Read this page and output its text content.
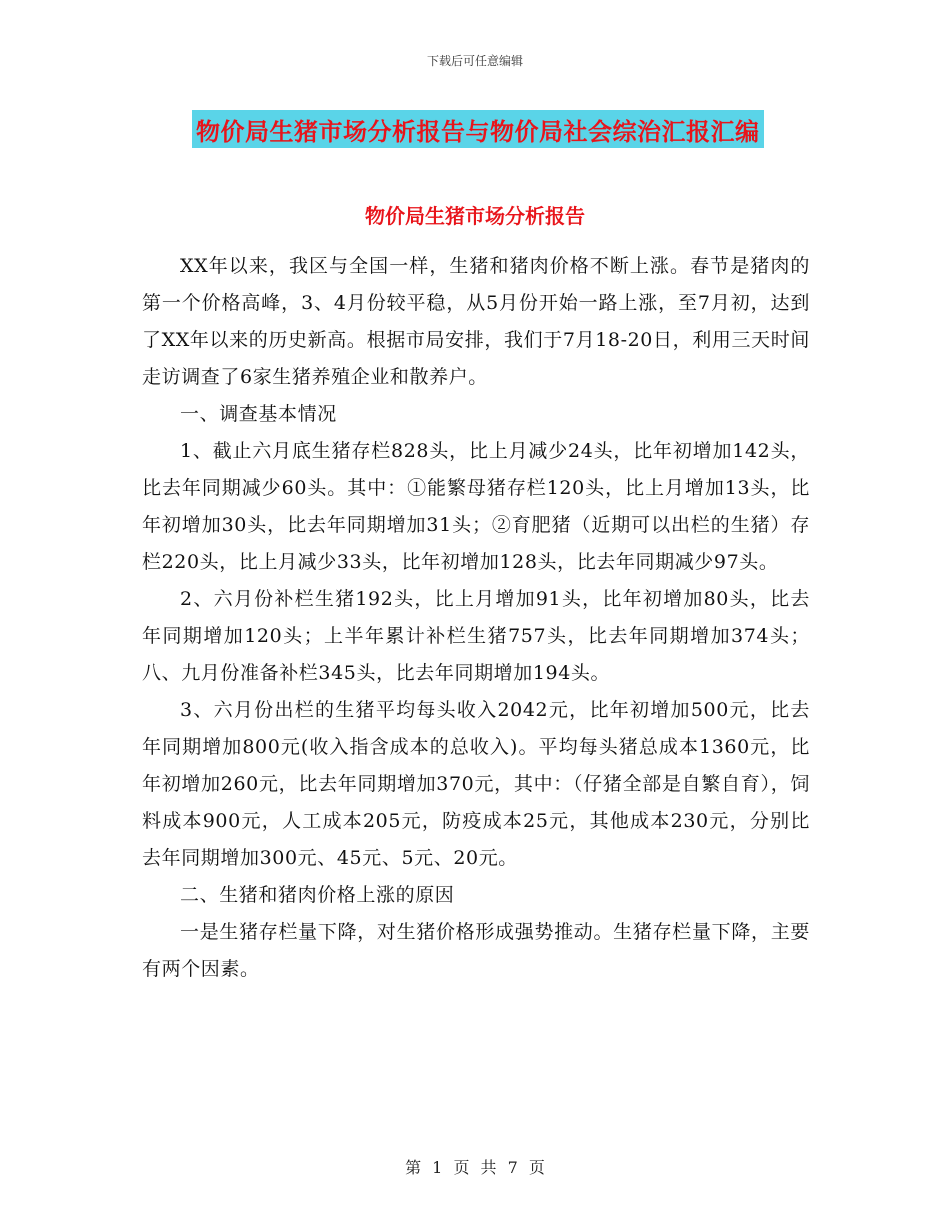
下载后可任意编辑
物价局生猪市场分析报告与物价局社会综治汇报汇编
物价局生猪市场分析报告

XX年以来，我区与全国一样，生猪和猪肉价格不断上涨。春节是猪肉的第一个价格高峰，3、4月份较平稳，从5月份开始一路上涨，至7月初，达到了XX年以来的历史新高。根据市局安排，我们于7月18-20日，利用三天时间走访调查了6家生猪养殖企业和散养户。

一、调查基本情况

1、截止六月底生猪存栏828头，比上月减少24头，比年初增加142头，比去年同期减少60头。其中：①能繁母猪存栏120头，比上月增加13头，比年初增加30头，比去年同期增加31头；②育肥猪（近期可以出栏的生猪）存栏220头，比上月减少33头，比年初增加128头，比去年同期减少97头。

2、六月份补栏生猪192头，比上月增加91头，比年初增加80头，比去年同期增加120头；上半年累计补栏生猪757头，比去年同期增加374头；八、九月份准备补栏345头，比去年同期增加194头。

3、六月份出栏的生猪平均每头收入2042元，比年初增加500元，比去年同期增加800元(收入指含成本的总收入)。平均每头猪总成本1360元，比年初增加260元，比去年同期增加370元，其中：（仔猪全部是自繁自育），饲料成本900元，人工成本205元，防疫成本25元，其他成本230元，分别比去年同期增加300元、45元、5元、20元。

二、生猪和猪肉价格上涨的原因

一是生猪存栏量下降，对生猪价格形成强势推动。生猪存栏量下降，主要有两个因素。

第 1 页 共 7 页
